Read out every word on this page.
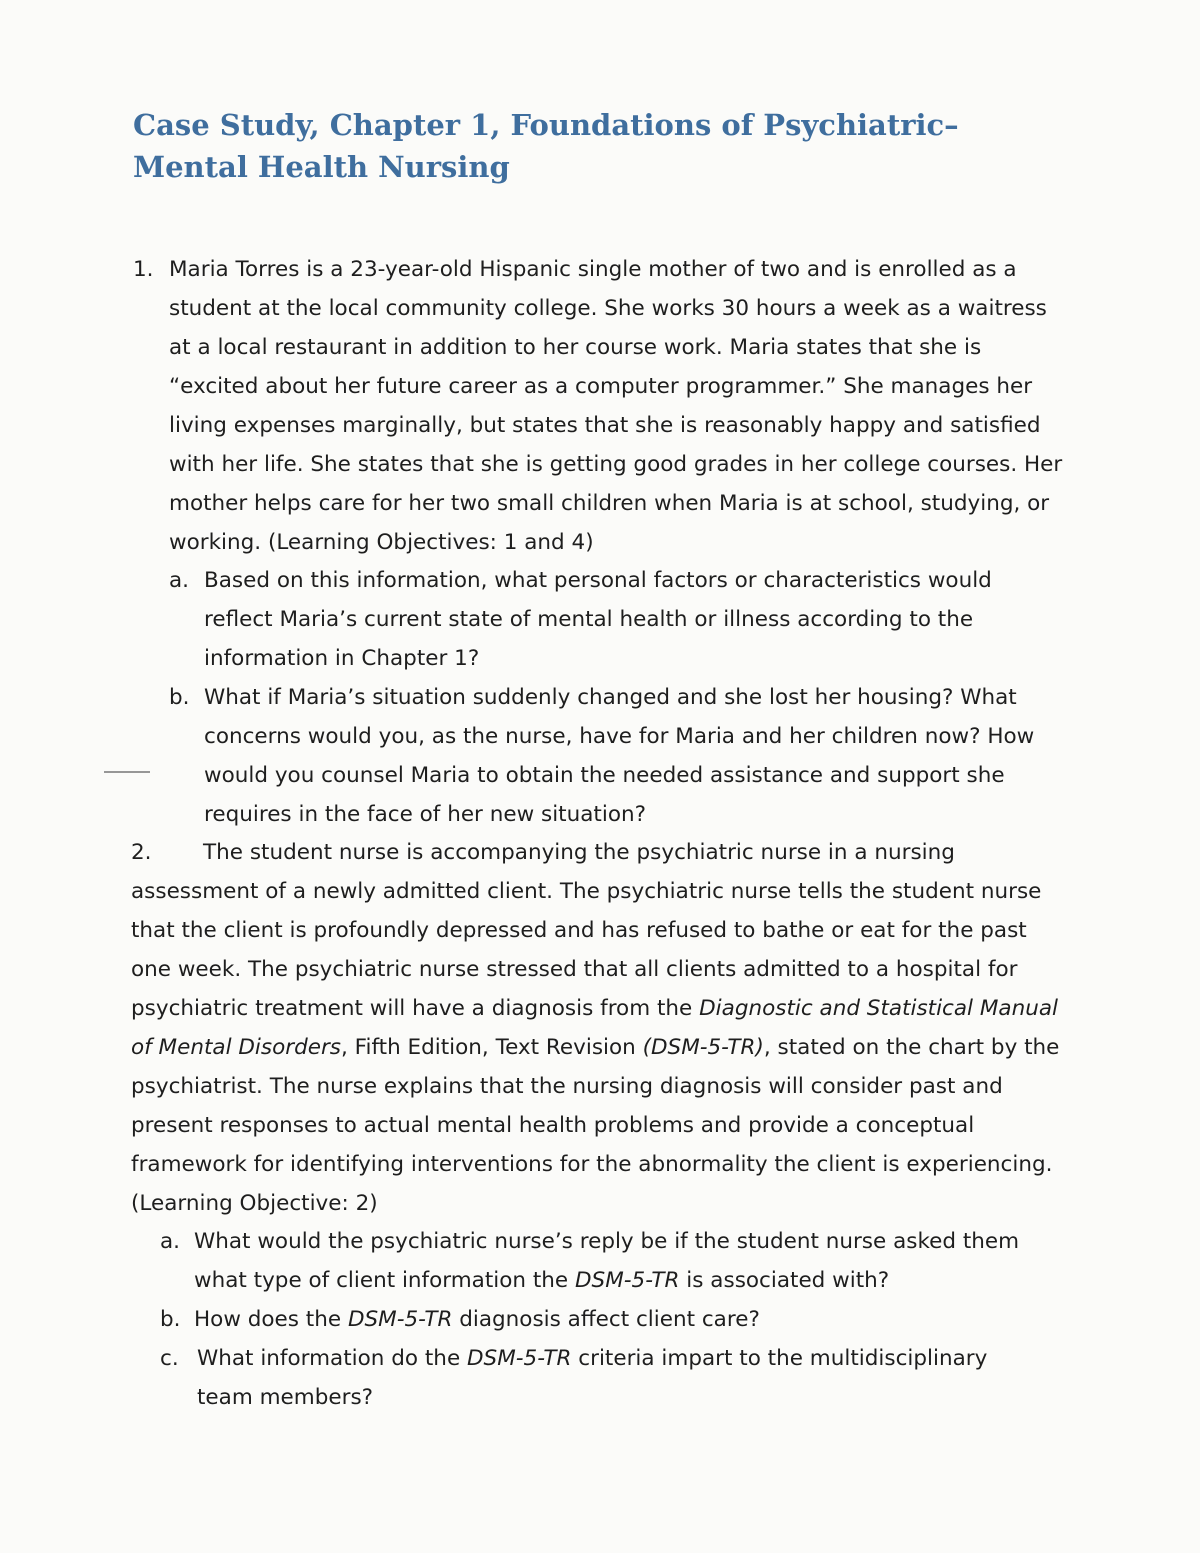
Case Study, Chapter 1, Foundations of Psychiatric–Mental Health Nursing
1. Maria Torres is a 23-year-old Hispanic single mother of two and is enrolled as a student at the local community college. She works 30 hours a week as a waitress at a local restaurant in addition to her course work. Maria states that she is “excited about her future career as a computer programmer.” She manages her living expenses marginally, but states that she is reasonably happy and satisfied with her life. She states that she is getting good grades in her college courses. Her mother helps care for her two small children when Maria is at school, studying, or working. (Learning Objectives: 1 and 4)
a. Based on this information, what personal factors or characteristics would reflect Maria’s current state of mental health or illness according to the information in Chapter 1?
b. What if Maria’s situation suddenly changed and she lost her housing? What concerns would you, as the nurse, have for Maria and her children now? How would you counsel Maria to obtain the needed assistance and support she requires in the face of her new situation?
2. The student nurse is accompanying the psychiatric nurse in a nursing assessment of a newly admitted client. The psychiatric nurse tells the student nurse that the client is profoundly depressed and has refused to bathe or eat for the past one week. The psychiatric nurse stressed that all clients admitted to a hospital for psychiatric treatment will have a diagnosis from the Diagnostic and Statistical Manual of Mental Disorders, Fifth Edition, Text Revision (DSM-5-TR), stated on the chart by the psychiatrist. The nurse explains that the nursing diagnosis will consider past and present responses to actual mental health problems and provide a conceptual framework for identifying interventions for the abnormality the client is experiencing. (Learning Objective: 2)
a. What would the psychiatric nurse’s reply be if the student nurse asked them what type of client information the DSM-5-TR is associated with?
b. How does the DSM-5-TR diagnosis affect client care?
c. What information do the DSM-5-TR criteria impart to the multidisciplinary team members?
